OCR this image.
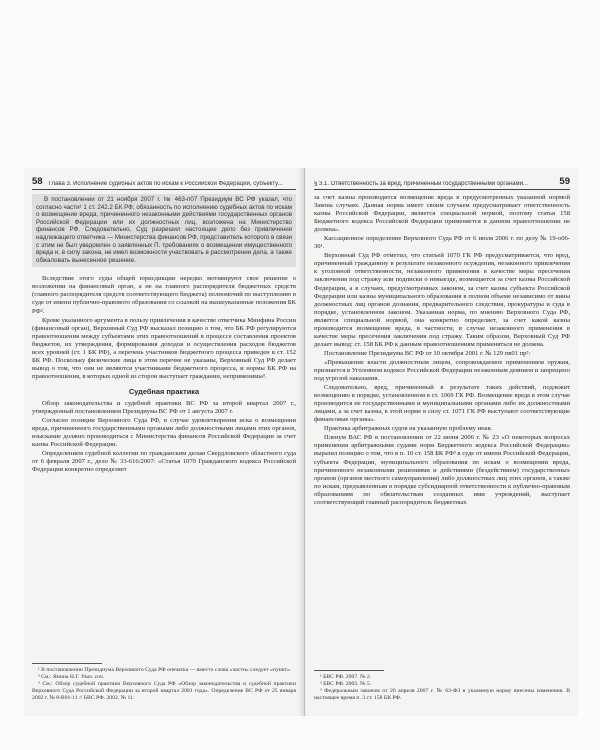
58 Глава 3. Исполнение судебных актов по искам к Российской Федерации, субъекту...

В постановлении от 21 ноября 2007 г. № 463-п07 Президиум ВС РФ указал, что согласно части¹ 1 ст. 242.2 БК РФ, обязанность по исполнению судебных актов по искам о возмещении вреда, причиненного незаконными действиями государственных органов Российской Федерации или их должностных лиц, возложена на Министерство финансов РФ. Следовательно, Суд разрешил настоящее дело без привлечения надлежащего ответчика — Министерства финансов РФ, представитель которого в связи с этим не был уведомлен о заявленных П. требованиях о возмещении имущественного вреда и, в силу закона, не имел возможности участвовать в рассмотрении дела, а также обжаловать вынесенное решение.

Вследствие этого суды общей юрисдикции нередко мотивируют свое решение о возложении на финансовый орган, а не на главного распорядителя бюджетных средств (главного распорядителя средств соответствующего бюджета) полномочий по выступлению в суде от имени публично-правового образования со ссылкой на вышеуказанные положения БК РФ².

Кроме указанного аргумента в пользу привлечения в качестве ответчика Минфина России (финансовый орган), Верховный Суд РФ высказал позицию о том, что БК РФ регулируются правоотношения между субъектами этих правоотношений в процессе составления проектов бюджетов, их утверждения, формирования доходов и осуществления расходов бюджетов всех уровней (ст. 1 БК РФ), а перечень участников бюджетного процесса приведен в ст. 152 БК РФ. Поскольку физические лица в этом перечне не указаны, Верховный Суд РФ делает вывод о том, что они не являются участниками бюджетного процесса, и нормы БК РФ на правоотношения, в которых одной из сторон выступает гражданин, неприменимы³.

Судебная практика

Обзор законодательства и судебной практики ВС РФ за второй квартал 2007 г., утвержденный постановлением Президиума ВС РФ от 1 августа 2007 г.

Согласно позиции Верховного Суда РФ, в случае удовлетворения иска о возмещении вреда, причиненного государственными органами либо должностными лицами этих органов, взыскание должно производиться с Министерства финансов Российской Федерации за счет казны Российской Федерации.

Определением судебной коллегии по гражданским делам Свердловского областного суда от 6 февраля 2007 г., дело № 33-616/2007: «Статья 1070 Гражданского кодекса Российской Федерации конкретно определяет

¹ В постановлении Президиума Верховного Суда РФ опечатка — вместо слова «части» следует «пункт».

² См.: Янина Н.Г. Указ. соч.

³ См.: Обзор судебной практики Верховного Суда РФ «Обзор законодательства и судебной практики Верховного Суда Российской Федерации за второй квартал 2001 года». Определение ВС РФ от 25 января 2002 г. № 8-В01-11 // БВС РФ. 2002. № 11.

59
§ 3.1. Ответственность за вред, причиненный государственными органами...

за счет казны производится возмещение вреда в предусмотренных указанной нормой Закона случаях. Данная норма имеет своим случаем предусматривает ответственность казны Российской Федерации, является специальной нормой, поэтому статья 158 Бюджетного кодекса Российской Федерации применяется в данном правоотношении не должна».

Кассационное определение Верховного Суда РФ от 6 июля 2006 г. по делу № 19-о06-30¹.

Верховный Суд РФ отметил, что статьей 1070 ГК РФ предусматривается, что вред, причиненный гражданину в результате незаконного осуждения, незаконного привлечения к уголовной ответственности, незаконного применения в качестве меры пресечения заключения под стражу или подписки о невыезде, возмещается за счет казны Российской Федерации, а в случаях, предусмотренных законом, за счет казны субъекта Российской Федерации или казны муниципального образования в полном объеме независимо от вины должностных лиц органов дознания, предварительного следствия, прокуратуры и суда в порядке, установленном законом. Указанная норма, по мнению Верховного Суда РФ, является специальной нормой, она конкретно определяет, за счет какой казны производится возмещение вреда, в частности, в случае незаконного применения в качестве меры пресечения заключения под стражу. Таким образом, Верховный Суд РФ делает вывод: ст. 158 БК РФ к данным правоотношениям применяться не должна.

Постановление Президиума ВС РФ от 10 октября 2001 г. № 129 пв01 пр²:

«Превышение власти должностным лицом, сопровождаемое применением оружия, признается в Уголовном кодексе Российской Федерации незаконным деянием и запрещено под угрозой наказания.

Следовательно, вред, причиненный в результате таких действий, подлежит возмещению в порядке, установленном в ст. 1069 ГК РФ. Возмещение вреда в этом случае производится не государственными и муниципальными органами либо их должностными лицами, а за счет казны, в этой норме в силу ст. 1071 ГК РФ выступают соответствующие финансовые органы».

Практика арбитражных судов на указанную проблему иная.

Пленум ВАС РФ в постановлении от 22 июня 2006 г. № 23 «О некоторых вопросах применения арбитражными судами норм Бюджетного кодекса Российской Федерации» выразил позицию о том, что в п. 10 ст. 158 БК РФ³ в суде от имени Российской Федерации, субъекта Федерации, муниципального образования по искам о возмещении вреда, причиненного незаконными решениями и действиями (бездействием) государственных органов (органов местного самоуправления) либо должностных лиц этих органов, а также по искам, предъявленным в порядке субсидиарной ответственности к публично-правовым образованиям по обязательствам созданных ими учреждений, выступает соответствующий главный распорядитель бюджетных

¹ БВС РФ. 2007. № 2.

² БВС РФ. 2002. № 5.

³ Федеральным законом от 26 апреля 2007 г. № 63-ФЗ в указанную норму внесены изменения. В настоящее время п. 3 ст. 158 БК РФ.
